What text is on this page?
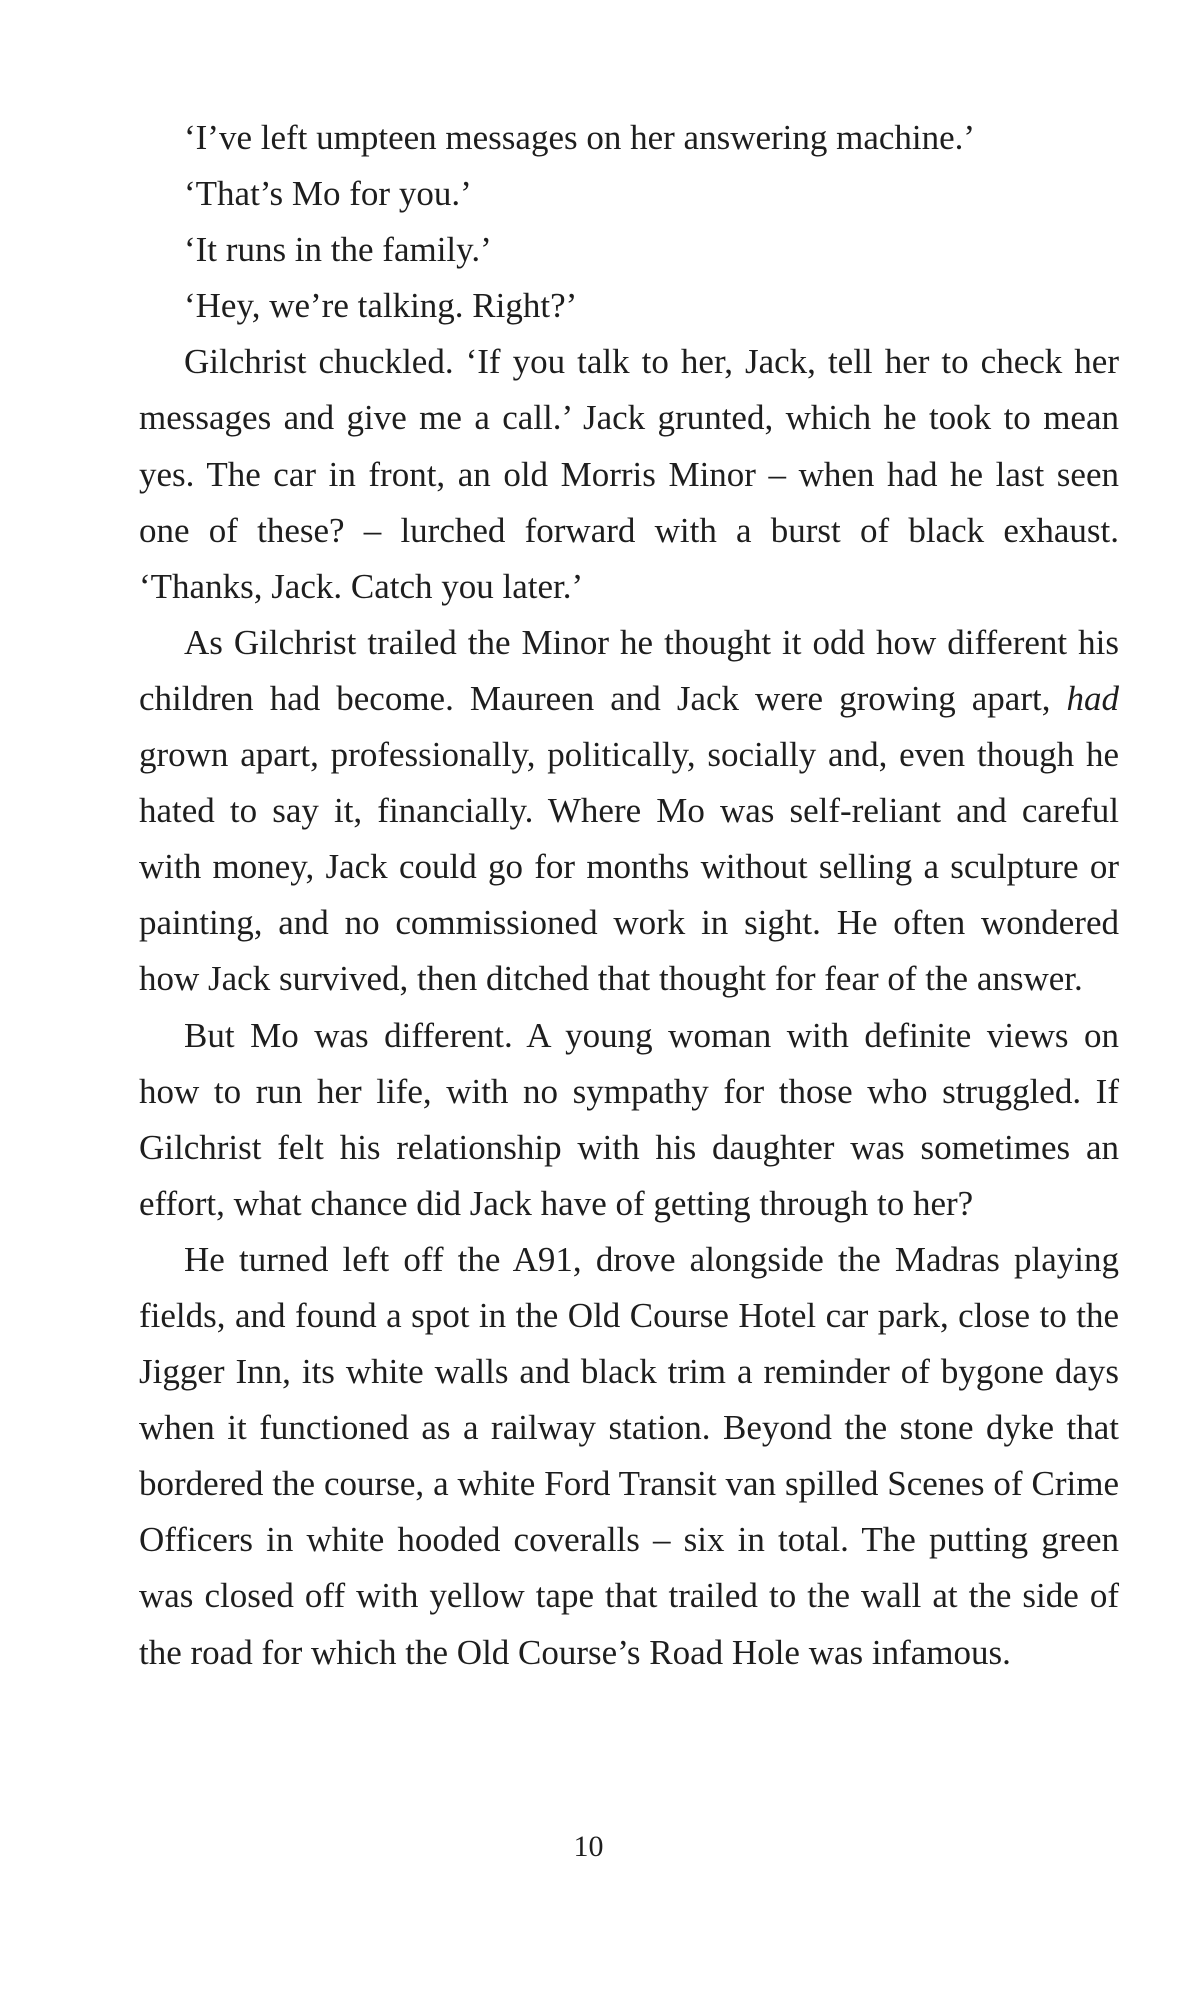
‘I’ve left umpteen messages on her answering machine.’

‘That’s Mo for you.’

‘It runs in the family.’

‘Hey, we’re talking. Right?’

Gilchrist chuckled. ‘If you talk to her, Jack, tell her to check her messages and give me a call.’ Jack grunted, which he took to mean yes. The car in front, an old Morris Minor – when had he last seen one of these? – lurched forward with a burst of black exhaust. ‘Thanks, Jack. Catch you later.’

As Gilchrist trailed the Minor he thought it odd how different his children had become. Maureen and Jack were growing apart, had grown apart, professionally, politically, socially and, even though he hated to say it, financially. Where Mo was self-reliant and careful with money, Jack could go for months without selling a sculpture or painting, and no commissioned work in sight. He often wondered how Jack survived, then ditched that thought for fear of the answer.

But Mo was different. A young woman with definite views on how to run her life, with no sympathy for those who struggled. If Gilchrist felt his relationship with his daughter was sometimes an effort, what chance did Jack have of getting through to her?

He turned left off the A91, drove alongside the Madras playing fields, and found a spot in the Old Course Hotel car park, close to the Jigger Inn, its white walls and black trim a reminder of bygone days when it functioned as a railway station. Beyond the stone dyke that bordered the course, a white Ford Transit van spilled Scenes of Crime Officers in white hooded coveralls – six in total. The putting green was closed off with yellow tape that trailed to the wall at the side of the road for which the Old Course’s Road Hole was infamous.

10
